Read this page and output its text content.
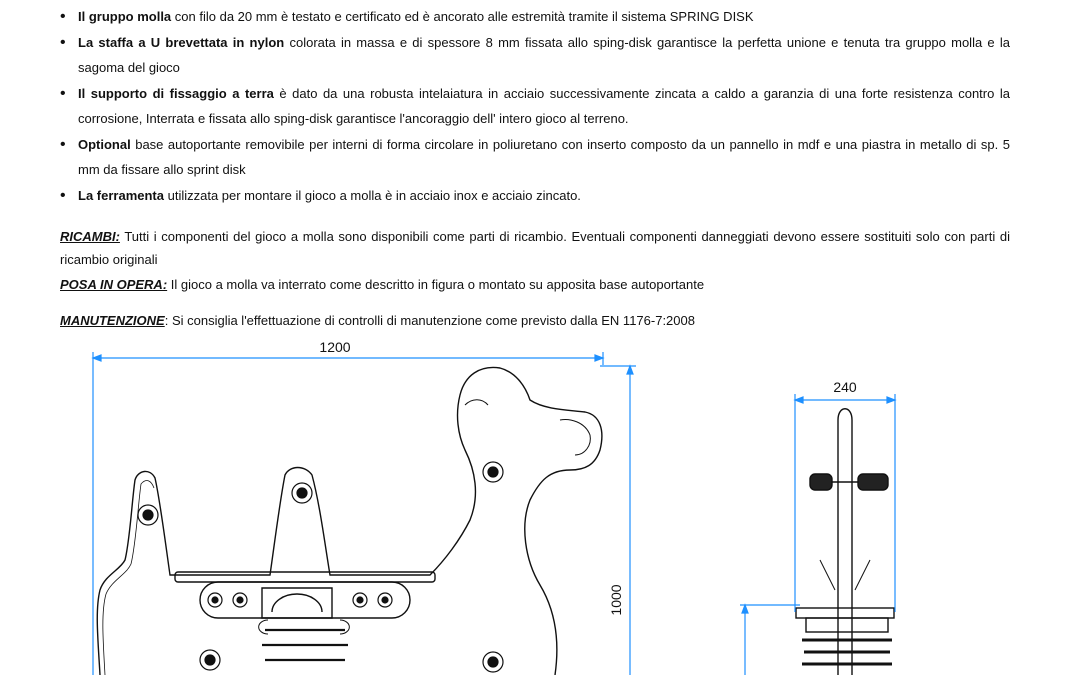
• Il gruppo molla con filo da 20 mm è testato e certificato ed è ancorato alle estremità tramite il sistema SPRING DISK
• La staffa a U brevettata in nylon colorata in massa e di spessore 8 mm fissata allo sping-disk garantisce la perfetta unione e tenuta tra gruppo molla e la sagoma del gioco
• Il supporto di fissaggio a terra è dato da una robusta intelaiatura in acciaio successivamente zincata a caldo a garanzia di una forte resistenza contro la corrosione, Interrata e fissata allo sping-disk garantisce l'ancoraggio dell' intero gioco al terreno.
• Optional base autoportante removibile per interni di forma circolare in poliuretano con inserto composto da un pannello in mdf e una piastra in metallo di sp. 5 mm da fissare allo sprint disk
• La ferramenta utilizzata per montare il gioco a molla è in acciaio inox e acciaio zincato.
RICAMBI: Tutti i componenti del gioco a molla sono disponibili come parti di ricambio. Eventuali componenti danneggiati devono essere sostituiti solo con parti di ricambio originali
POSA IN OPERA: Il gioco a molla va interrato come descritto in figura o montato su apposita base autoportante
MANUTENZIONE: Si consiglia l'effettuazione di controlli di manutenzione come previsto dalla EN 1176-7:2008
1200
1000
240
